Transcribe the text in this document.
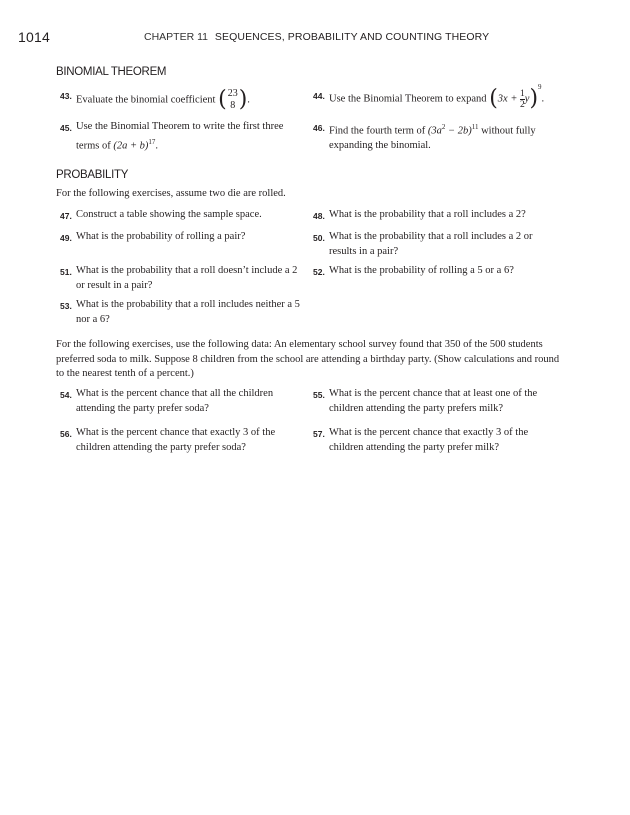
1014	CHAPTER 11 SEQUENCES, PROBABILITY AND COUNTING THEORY
BINOMIAL THEOREM
43. Evaluate the binomial coefficient ( 23
8 ).	44. Use the Binomial Theorem to expand $(3x + \frac{1}{2} y)^9$.
45. Use the Binomial Theorem to write the first three terms of $(2a + b)^{17}$.
46. Find the fourth term of $(3a^2 - 2b)^{11}$ without fully expanding the binomial.
PROBABILITY
For the following exercises, assume two die are rolled.
47. Construct a table showing the sample space.	48. What is the probability that a roll includes a 2?
49. What is the probability of rolling a pair?	50. What is the probability that a roll includes a 2 or results in a pair?
51. What is the probability that a roll doesn’t include a 2 or result in a pair?
52. What is the probability of rolling a 5 or a 6?
53. What is the probability that a roll includes neither a 5 nor a 6?
For the following exercises, use the following data: An elementary school survey found that 350 of the 500 students preferred soda to milk. Suppose 8 children from the school are attending a birthday party. (Show calculations and round to the nearest tenth of a percent.)
54. What is the percent chance that all the children attending the party prefer soda?
55. What is the percent chance that at least one of the children attending the party prefers milk?
56. What is the percent chance that exactly 3 of the children attending the party prefer soda?
57. What is the percent chance that exactly 3 of the children attending the party prefer milk?
